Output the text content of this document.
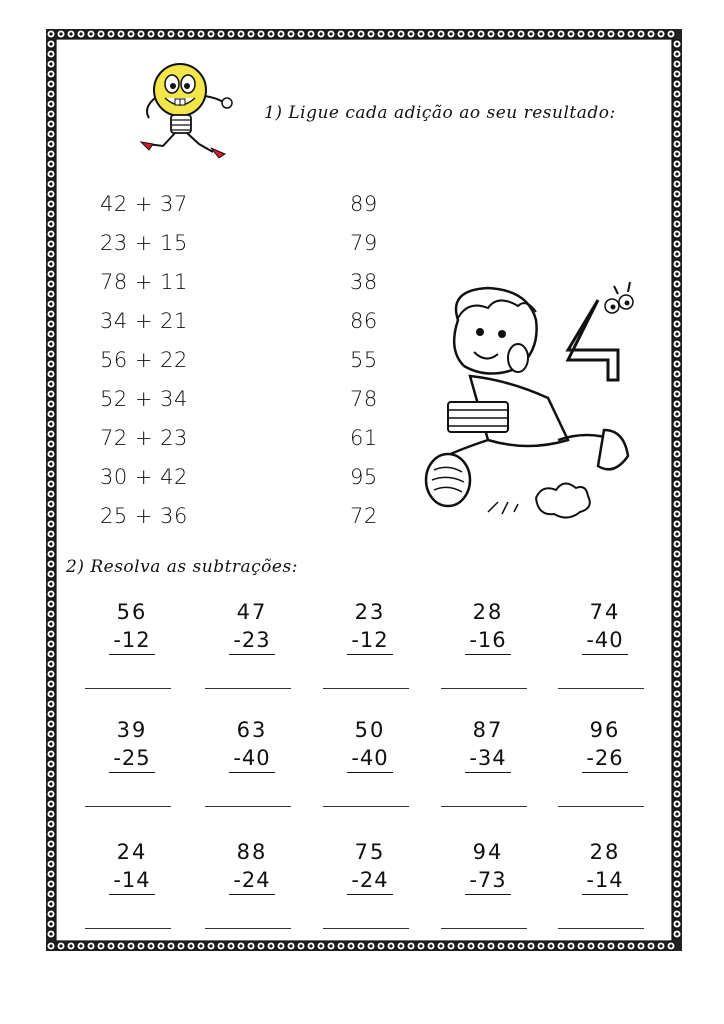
1) Ligue cada adição ao seu resultado:
42 + 37
23 + 15
78 + 11
34 + 21
56 + 22
52 + 34
72 + 23
30 + 42
25 + 36
89
79
38
86
55
78
61
95
72
2) Resolva as subtrações:
56
-12
47
-23
23
-12
28
-16
74
-40
39
-25
63
-40
50
-40
87
-34
96
-26
24
-14
88
-24
75
-24
94
-73
28
-14
